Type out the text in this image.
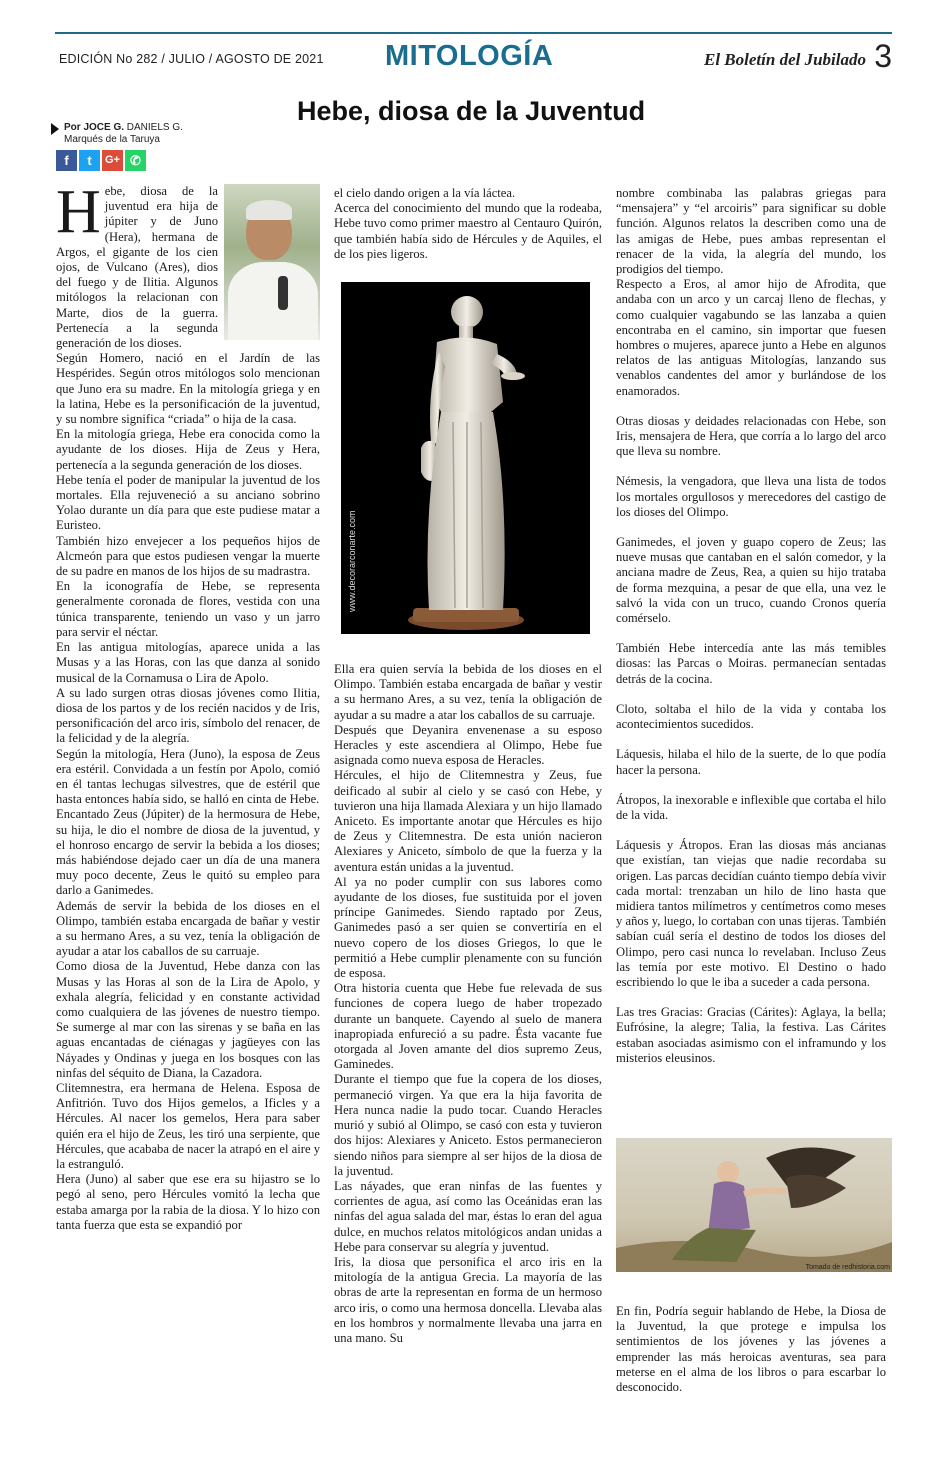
EDICIÓN No 282 / JULIO / AGOSTO DE 2021 MITOLOGÍA	El Boletín del Jubilado 3
Hebe, diosa de la Juventud
Por JOCE G. DANIELS G.
Marqués de la Taruya
f	t	G+ ✆

Hebe, diosa de la juventud era hija de júpiter y de Juno (Hera), hermana de Argos, el gigante de los cien ojos, de Vulcano (Ares), dios del fuego y de Ilitia. Algunos mitólogos la relacionan con Marte, dios de la guerra. Pertenecía a la segunda generación de los dioses.

Según Homero, nació en el Jardín de las Hespérides. Según otros mitólogos solo mencionan que Juno era su madre. En la mitología griega y en la latina, Hebe es la personificación de la juventud, y su nombre significa “criada” o hija de la casa.

En la mitología griega, Hebe era conocida como la ayudante de los dioses. Hija de Zeus y Hera, pertenecía a la segunda generación de los dioses.

Hebe tenía el poder de manipular la juventud de los mortales. Ella rejuveneció a su anciano sobrino Yolao durante un día para que este pudiese matar a Euristeo.

También hizo envejecer a los pequeños hijos de Alcmeón para que estos pudiesen vengar la muerte de su padre en manos de los hijos de su madrastra.

En la iconografía de Hebe, se representa generalmente coronada de flores, vestida con una túnica transparente, teniendo un vaso y un jarro para servir el néctar.

En las antigua mitologías, aparece unida a las Musas y a las Horas, con las que danza al sonido musical de la Cornamusa o Lira de Apolo.

A su lado surgen otras diosas jóvenes como Ilitia, diosa de los partos y de los recién nacidos y de Iris, personificación del arco iris, símbolo del renacer, de la felicidad y de la alegría.

Según la mitología, Hera (Juno), la esposa de Zeus era estéril. Convidada a un festín por Apolo, comió en él tantas lechugas silvestres, que de estéril que hasta entonces había sido, se halló en cinta de Hebe.

Encantado Zeus (Júpiter) de la hermosura de Hebe, su hija, le dio el nombre de diosa de la juventud, y el honroso encargo de servir la bebida a los dioses; más habiéndose dejado caer un día de una manera muy poco decente, Zeus le quitó su empleo para darlo a Ganimedes.

Además de servir la bebida de los dioses en el Olimpo, también estaba encargada de bañar y vestir a su hermano Ares, a su vez, tenía la obligación de ayudar a atar los caballos de su carruaje.

Como diosa de la Juventud, Hebe danza con las Musas y las Horas al son de la Lira de Apolo, y exhala alegría, felicidad y en constante actividad como cualquiera de las jóvenes de nuestro tiempo. Se sumerge al mar con las sirenas y se baña en las aguas encantadas de ciénagas y jagüeyes con las Náyades y Ondinas y juega en los bosques con las ninfas del séquito de Diana, la Cazadora.

Clitemnestra, era hermana de Helena. Esposa de Anfitrión. Tuvo dos Hijos gemelos, a Ificles y a Hércules. Al nacer los gemelos, Hera para saber quién era el hijo de Zeus, les tiró una serpiente, que Hércules, que acababa de nacer la atrapó en el aire y la estranguló.

Hera (Juno) al saber que ese era su hijastro se lo pegó al seno, pero Hércules vomitó la lecha que estaba amarga por la rabia de la diosa. Y lo hizo con tanta fuerza que esta se expandió por

el cielo dando origen a la vía láctea.

Acerca del conocimiento del mundo que la rodeaba, Hebe tuvo como primer maestro al Centauro Quirón, que también había sido de Hércules y de Aquiles, el de los pies ligeros.

www.decorarconarte.com

Ella era quien servía la bebida de los dioses en el Olimpo. También estaba encargada de bañar y vestir a su hermano Ares, a su vez, tenía la obligación de ayudar a su madre a atar los caballos de su carruaje.

Después que Deyanira envenenase a su esposo Heracles y este ascendiera al Olimpo, Hebe fue asignada como nueva esposa de Heracles.

Hércules, el hijo de Clitemnestra y Zeus, fue deificado al subir al cielo y se casó con Hebe, y tuvieron una hija llamada Alexiara y un hijo llamado Aniceto. Es importante anotar que Hércules es hijo de Zeus y Clitemnestra. De esta unión nacieron Alexiares y Aniceto, símbolo de que la fuerza y la aventura están unidas a la juventud.

Al ya no poder cumplir con sus labores como ayudante de los dioses, fue sustituida por el joven príncipe Ganimedes. Siendo raptado por Zeus, Ganimedes pasó a ser quien se convertiría en el nuevo copero de los dioses Griegos, lo que le permitió a Hebe cumplir plenamente con su función de esposa.

Otra historia cuenta que Hebe fue relevada de sus funciones de copera luego de haber tropezado durante un banquete. Cayendo al suelo de manera inapropiada enfureció a su padre. Ésta vacante fue otorgada al Joven amante del dios supremo Zeus, Gaminedes.

Durante el tiempo que fue la copera de los dioses, permaneció virgen. Ya que era la hija favorita de Hera nunca nadie la pudo tocar. Cuando Heracles murió y subió al Olimpo, se casó con esta y tuvieron dos hijos: Alexiares y Aniceto. Estos permanecieron siendo niños para siempre al ser hijos de la diosa de la juventud.

Las náyades, que eran ninfas de las fuentes y corrientes de agua, así como las Oceánidas eran las ninfas del agua salada del mar, éstas lo eran del agua dulce, en muchos relatos mitológicos andan unidas a Hebe para conservar su alegría y juventud.

Iris, la diosa que personifica el arco iris en la mitología de la antigua Grecia. La mayoría de las obras de arte la representan en forma de un hermoso arco iris, o como una hermosa doncella. Llevaba alas en los hombros y normalmente llevaba una jarra en una mano. Su

nombre combinaba las palabras griegas para “mensajera” y “el arcoiris” para significar su doble función. Algunos relatos la describen como una de las amigas de Hebe, pues ambas representan el renacer de la vida, la alegría del mundo, los prodigios del tiempo.

Respecto a Eros, al amor hijo de Afrodita, que andaba con un arco y un carcaj lleno de flechas, y como cualquier vagabundo se las lanzaba a quien encontraba en el camino, sin importar que fuesen hombres o mujeres, aparece junto a Hebe en algunos relatos de las antiguas Mitologías, lanzando sus venablos candentes del amor y burlándose de los enamorados.

Otras diosas y deidades relacionadas con Hebe, son Iris, mensajera de Hera, que corría a lo largo del arco que lleva su nombre.

Némesis, la vengadora, que lleva una lista de todos los mortales orgullosos y merecedores del castigo de los dioses del Olimpo.

Ganimedes, el joven y guapo copero de Zeus; las nueve musas que cantaban en el salón comedor, y la anciana madre de Zeus, Rea, a quien su hijo trataba de forma mezquina, a pesar de que ella, una vez le salvó la vida con un truco, cuando Cronos quería comérselo.

También Hebe intercedía ante las más temibles diosas: las Parcas o Moiras. permanecían sentadas detrás de la cocina.

Cloto, soltaba el hilo de la vida y contaba los acontecimientos sucedidos.

Láquesis, hilaba el hilo de la suerte, de lo que podía hacer la persona.

Átropos, la inexorable e inflexible que cortaba el hilo de la vida.

Láquesis y Átropos. Eran las diosas más ancianas que existían, tan viejas que nadie recordaba su origen. Las parcas decidían cuánto tiempo debía vivir cada mortal: trenzaban un hilo de lino hasta que midiera tantos milímetros y centímetros como meses y años y, luego, lo cortaban con unas tijeras. También sabían cuál sería el destino de todos los dioses del Olimpo, pero casi nunca lo revelaban. Incluso Zeus las temía por este motivo. El Destino o hado escribiendo lo que le iba a suceder a cada persona.

Las tres Gracias: Gracias (Cárites): Aglaya, la bella; Eufrósine, la alegre; Talia, la festiva. Las Cárites estaban asociadas asimismo con el inframundo y los misterios eleusinos.

Tomado de redhistoria.com

En fin, Podría seguir hablando de Hebe, la Diosa de la Juventud, la que protege e impulsa los sentimientos de los jóvenes y las jóvenes a emprender las más heroicas aventuras, sea para meterse en el alma de los libros o para escarbar lo desconocido.
